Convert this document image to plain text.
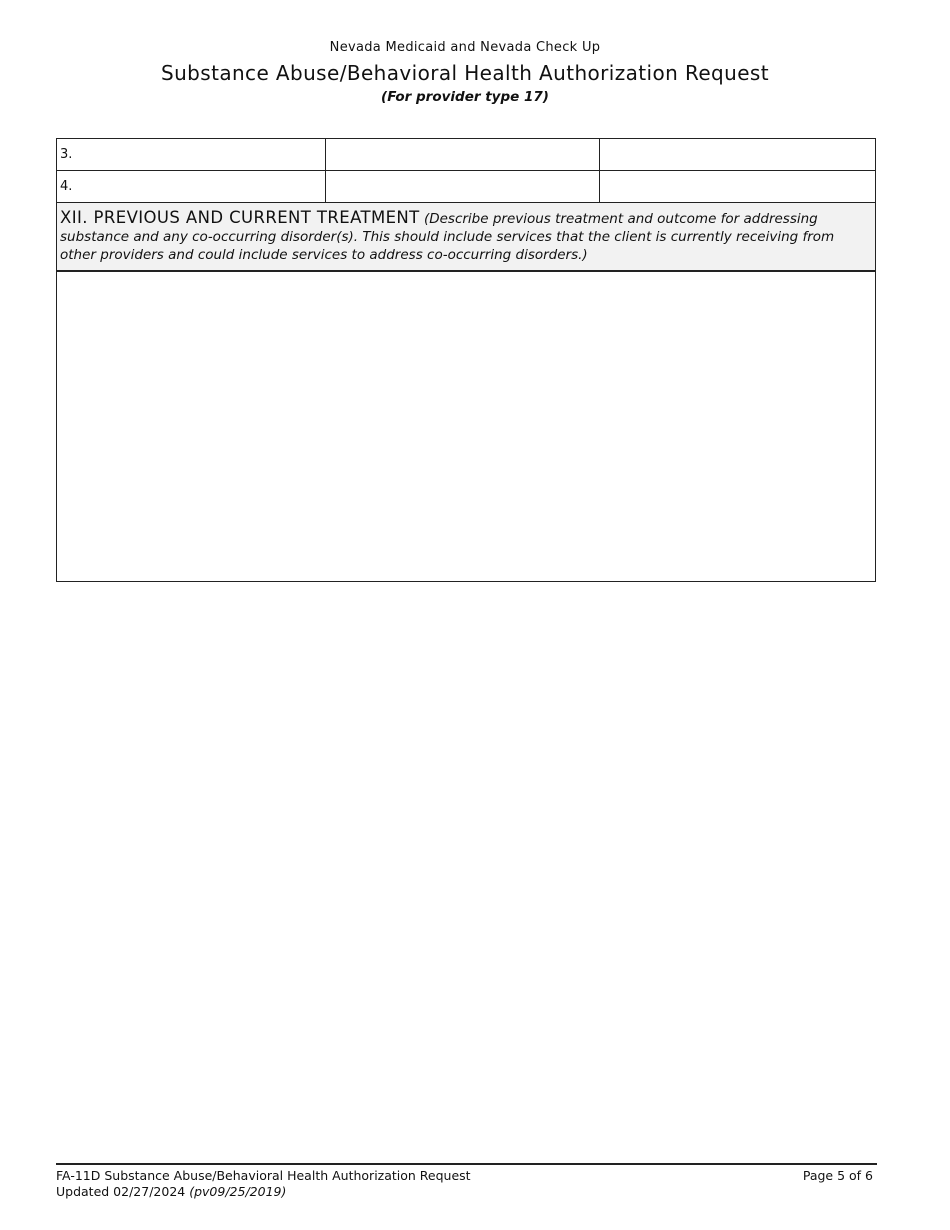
Nevada Medicaid and Nevada Check Up
Substance Abuse/Behavioral Health Authorization Request
(For provider type 17)
3.	

4.	

XII. PREVIOUS AND CURRENT TREATMENT (Describe previous treatment and outcome for addressing substance and any co-occurring disorder(s). This should include services that the client is currently receiving from other providers and could include services to address co-occurring disorders.)		

FA-11D Substance Abuse/Behavioral Health Authorization Request
Updated 02/27/2024 (pv09/25/2019)
Page 5 of 6
